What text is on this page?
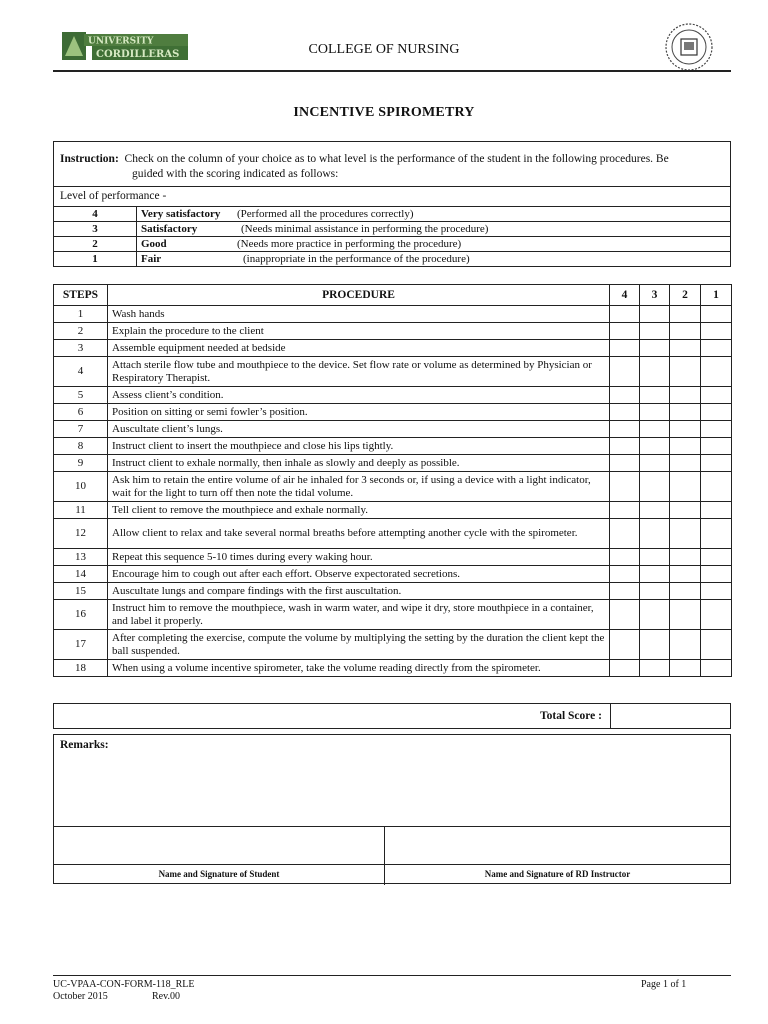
UNIVERSITY
CORDILLERAS	COLLEGE OF NURSING
INCENTIVE SPIROMETRY
Instruction: Check on the column of your choice as to what level is the performance of the student in the following procedures. Be
guided with the scoring indicated as follows:
Level of performance -
4	Very satisfactory (Performed all the procedures correctly)
3	Satisfactory (Needs minimal assistance in performing the procedure)
2	Good (Needs more practice in performing the procedure)
1	Fair (inappropriate in the performance of the procedure)
STEPS	PROCEDURE	4	3	2	1
1	Wash hands				
2	Explain the procedure to the client				
3	Assemble equipment needed at bedside				
4	Attach sterile flow tube and mouthpiece to the device. Set flow rate or volume as determined by Physician or Respiratory Therapist.				
5	Assess client’s condition.				
6	Position on sitting or semi fowler’s position.				
7	Auscultate client’s lungs.				
8	Instruct client to insert the mouthpiece and close his lips tightly.				
9	Instruct client to exhale normally, then inhale as slowly and deeply as possible.				
10	Ask him to retain the entire volume of air he inhaled for 3 seconds or, if using a device with a light indicator, wait for the light to turn off then note the tidal volume.				
11	Tell client to remove the mouthpiece and exhale normally.				
12	Allow client to relax and take several normal breaths before attempting another cycle with the spirometer.				
13	Repeat this sequence 5-10 times during every waking hour.				
14	Encourage him to cough out after each effort. Observe expectorated secretions.				
15	Auscultate lungs and compare findings with the first auscultation.				
16	Instruct him to remove the mouthpiece, wash in warm water, and wipe it dry, store mouthpiece in a container, and label it properly.				
17	After completing the exercise, compute the volume by multiplying the setting by the duration the client kept the ball suspended.				
18	When using a volume incentive spirometer, take the volume reading directly from the spirometer.				
Total Score :
Remarks:
Name and Signature of Student	Name and Signature of RD Instructor
UC-VPAA-CON-FORM-118_RLE
October 2015	Rev.00
Page 1 of 1
